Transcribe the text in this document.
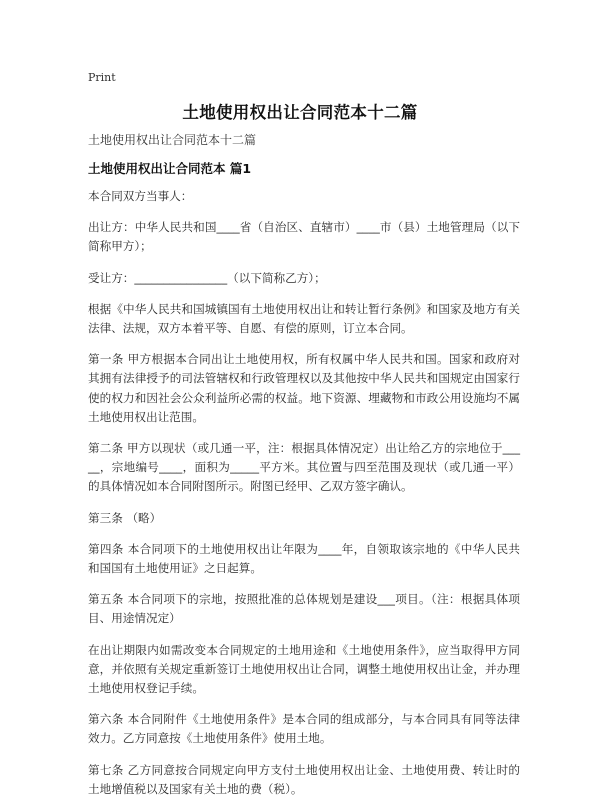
Print
土地使用权出让合同范本十二篇
土地使用权出让合同范本十二篇
土地使用权出让合同范本 篇1

本合同双方当事人：

出让方：中华人民共和国____省（自治区、直辖市）____市（县）土地管理局（以下简称甲方）；

受让方：________________（以下简称乙方）；

根据《中华人民共和国城镇国有土地使用权出让和转让暂行条例》和国家及地方有关法律、法规，双方本着平等、自愿、有偿的原则，订立本合同。

第一条 甲方根据本合同出让土地使用权，所有权属中华人民共和国。国家和政府对其拥有法律授予的司法管辖权和行政管理权以及其他按中华人民共和国规定由国家行使的权力和因社会公众利益所必需的权益。地下资源、埋藏物和市政公用设施均不属土地使用权出让范围。

第二条 甲方以现状（或几通一平，注：根据具体情况定）出让给乙方的宗地位于_____，宗地编号____，面积为_____平方米。其位置与四至范围及现状（或几通一平）的具体情况如本合同附图所示。附图已经甲、乙双方签字确认。

第三条 （略）

第四条 本合同项下的土地使用权出让年限为____年，自领取该宗地的《中华人民共和国国有土地使用证》之日起算。

第五条 本合同项下的宗地，按照批准的总体规划是建设___项目。（注：根据具体项目、用途情况定）

在出让期限内如需改变本合同规定的土地用途和《土地使用条件》，应当取得甲方同意，并依照有关规定重新签订土地使用权出让合同，调整土地使用权出让金，并办理土地使用权登记手续。

第六条 本合同附件《土地使用条件》是本合同的组成部分，与本合同具有同等法律效力。乙方同意按《土地使用条件》使用土地。

第七条 乙方同意按合同规定向甲方支付土地使用权出让金、土地使用费、转让时的土地增值税以及国家有关土地的费（税）。
